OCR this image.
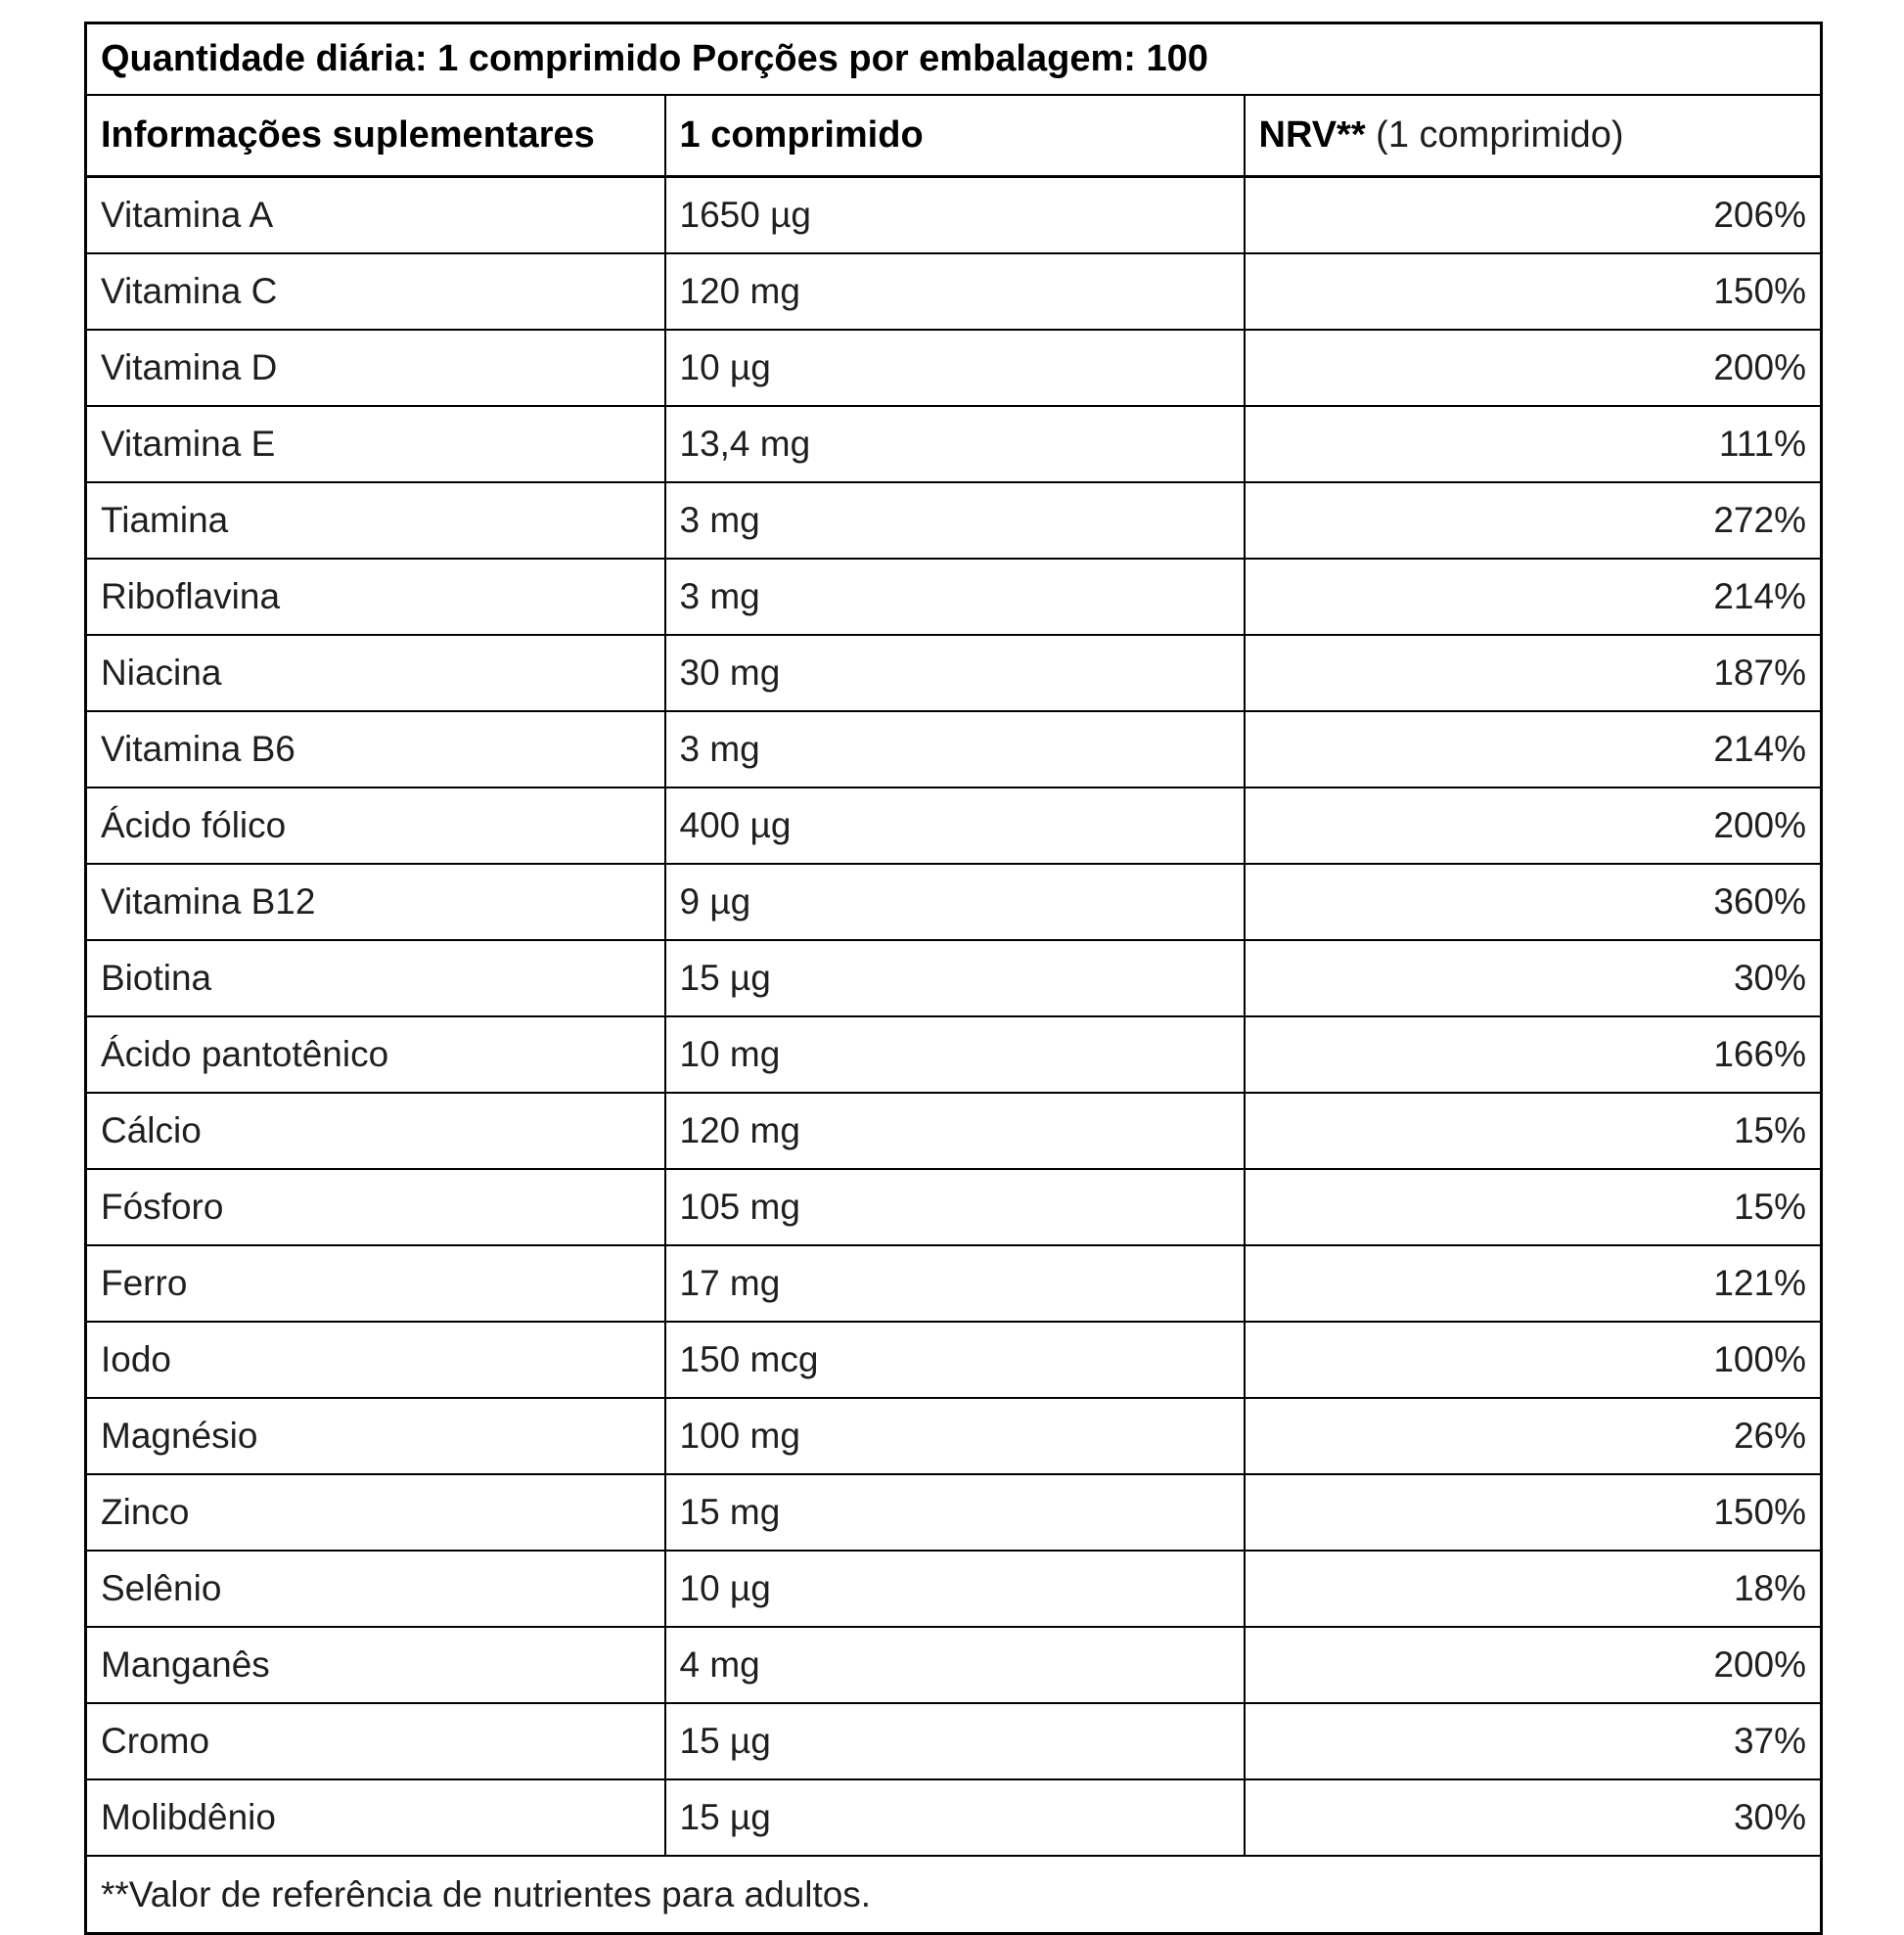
Quantidade diária: 1 comprimido Porções por embalagem: 100		
Informações suplementares	1 comprimido	NRV** (1 comprimido)
Vitamina A	1650 µg	206%
Vitamina C	120 mg	150%
Vitamina D	10 µg	200%
Vitamina E	13,4 mg	111%
Tiamina	3 mg	272%
Riboflavina	3 mg	214%
Niacina	30 mg	187%
Vitamina B6	3 mg	214%
Ácido fólico	400 µg	200%
Vitamina B12	9 µg	360%
Biotina	15 µg	30%
Ácido pantotênico	10 mg	166%
Cálcio	120 mg	15%
Fósforo	105 mg	15%
Ferro	17 mg	121%
Iodo	150 mcg	100%
Magnésio	100 mg	26%
Zinco	15 mg	150%
Selênio	10 µg	18%
Manganês	4 mg	200%
Cromo	15 µg	37%
Molibdênio	15 µg	30%
**Valor de referência de nutrientes para adultos.		
